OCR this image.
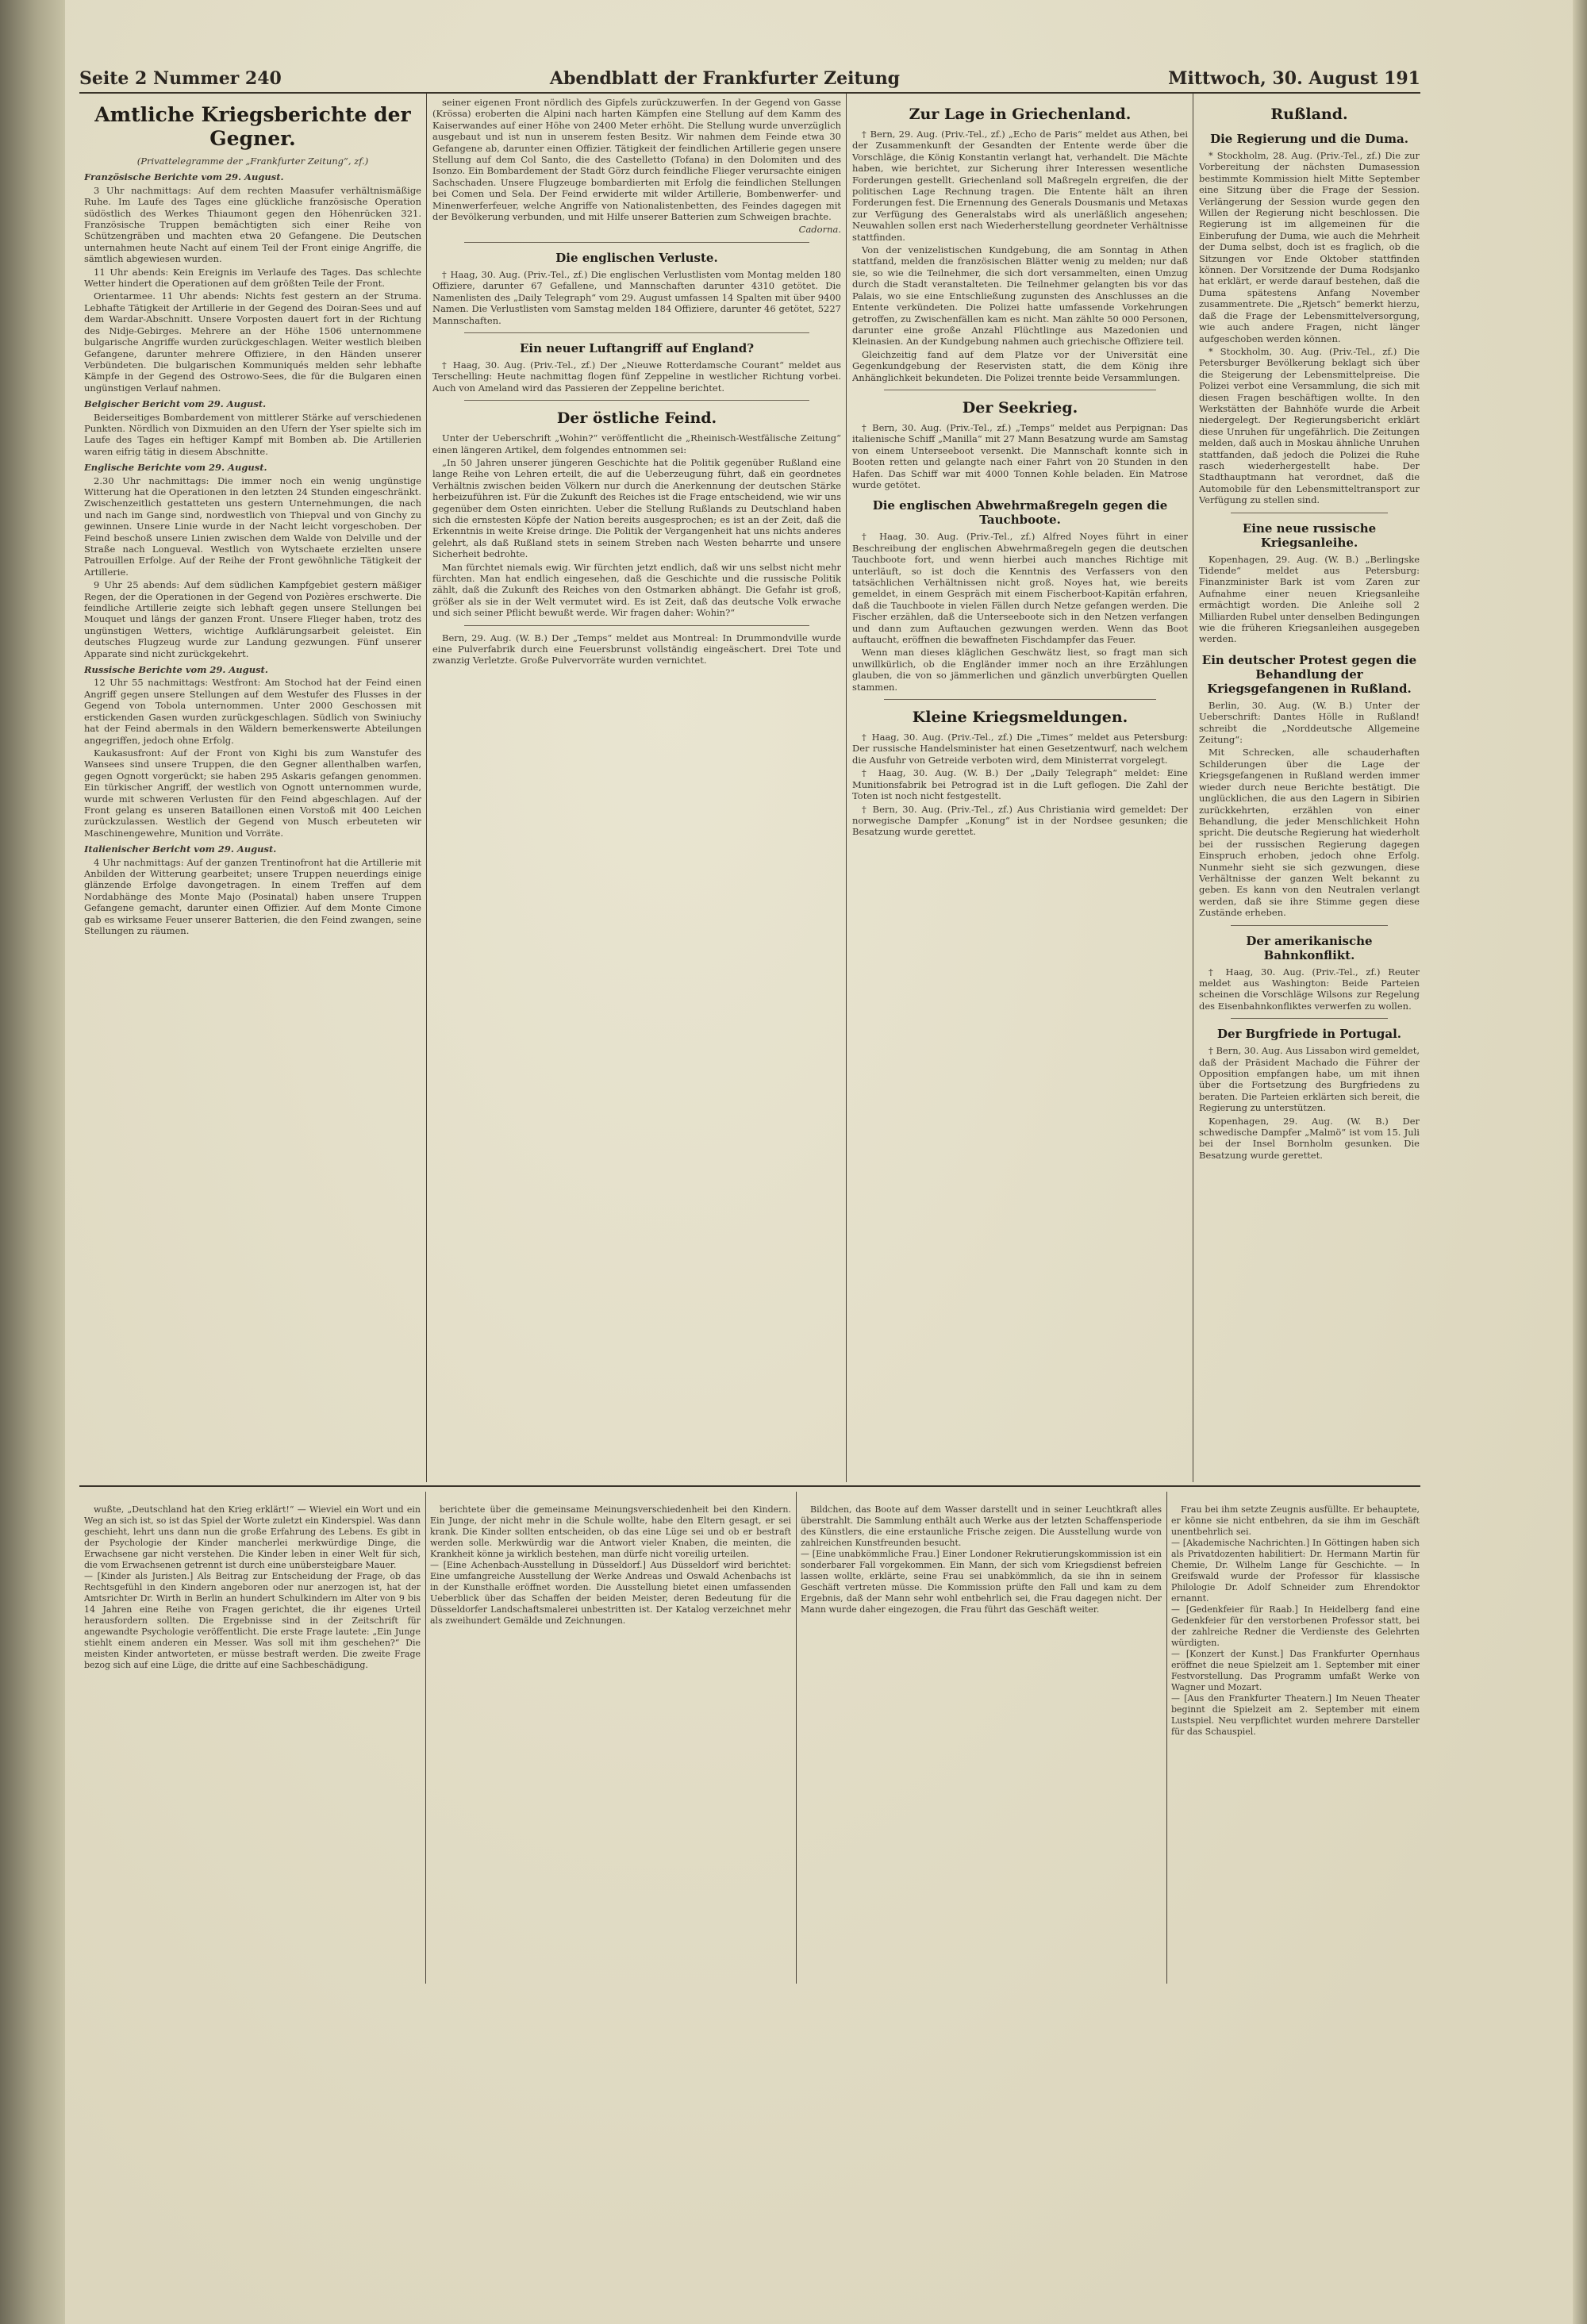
Seite 2 Nummer 240	Abendblatt der Frankfurter Zeitung	Mittwoch, 30. August 191
Amtliche Kriegsberichte der Gegner.

(Privattelegramme der „Frankfurter Zeitung“, zf.)

Französische Berichte vom 29. August.

3 Uhr nachmittags: Auf dem rechten Maasufer verhältnismäßige Ruhe. Im Laufe des Tages eine glückliche französische Operation südöstlich des Werkes Thiaumont gegen den Höhenrücken 321. Französische Truppen bemächtigten sich einer Reihe von Schützengräben und machten etwa 20 Gefangene. Die Deutschen unternahmen heute Nacht auf einem Teil der Front einige Angriffe, die sämtlich abgewiesen wurden.

11 Uhr abends: Kein Ereignis im Verlaufe des Tages. Das schlechte Wetter hindert die Operationen auf dem größten Teile der Front.

Orientarmee. 11 Uhr abends: Nichts fest gestern an der Struma. Lebhafte Tätigkeit der Artillerie in der Gegend des Doiran-Sees und auf dem Wardar-Abschnitt. Unsere Vorposten dauert fort in der Richtung des Nidje-Gebirges. Mehrere an der Höhe 1506 unternommene bulgarische Angriffe wurden zurückgeschlagen. Weiter westlich bleiben Gefangene, darunter mehrere Offiziere, in den Händen unserer Verbündeten. Die bulgarischen Kommuniqués melden sehr lebhafte Kämpfe in der Gegend des Ostrowo-Sees, die für die Bulgaren einen ungünstigen Verlauf nahmen.

Belgischer Bericht vom 29. August.

Beiderseitiges Bombardement von mittlerer Stärke auf verschiedenen Punkten. Nördlich von Dixmuiden an den Ufern der Yser spielte sich im Laufe des Tages ein heftiger Kampf mit Bomben ab. Die Artillerien waren eifrig tätig in diesem Abschnitte.

Englische Berichte vom 29. August.

2.30 Uhr nachmittags: Die immer noch ein wenig ungünstige Witterung hat die Operationen in den letzten 24 Stunden eingeschränkt. Zwischenzeitlich gestatteten uns gestern Unternehmungen, die nach und nach im Gange sind, nordwestlich von Thiepval und von Ginchy zu gewinnen. Unsere Linie wurde in der Nacht leicht vorgeschoben. Der Feind beschoß unsere Linien zwischen dem Walde von Delville und der Straße nach Longueval. Westlich von Wytschaete erzielten unsere Patrouillen Erfolge. Auf der Reihe der Front gewöhnliche Tätigkeit der Artillerie.

9 Uhr 25 abends: Auf dem südlichen Kampfgebiet gestern mäßiger Regen, der die Operationen in der Gegend von Pozières erschwerte. Die feindliche Artillerie zeigte sich lebhaft gegen unsere Stellungen bei Mouquet und längs der ganzen Front. Unsere Flieger haben, trotz des ungünstigen Wetters, wichtige Aufklärungsarbeit geleistet. Ein deutsches Flugzeug wurde zur Landung gezwungen. Fünf unserer Apparate sind nicht zurückgekehrt.

Russische Berichte vom 29. August.

12 Uhr 55 nachmittags: Westfront: Am Stochod hat der Feind einen Angriff gegen unsere Stellungen auf dem Westufer des Flusses in der Gegend von Tobola unternommen. Unter 2000 Geschossen mit erstickenden Gasen wurden zurückgeschlagen. Südlich von Swiniuchy hat der Feind abermals in den Wäldern bemerkenswerte Abteilungen angegriffen, jedoch ohne Erfolg.

Kaukasusfront: Auf der Front von Kighi bis zum Wanstufer des Wansees sind unsere Truppen, die den Gegner allenthalben warfen, gegen Ognott vorgerückt; sie haben 295 Askaris gefangen genommen. Ein türkischer Angriff, der westlich von Ognott unternommen wurde, wurde mit schweren Verlusten für den Feind abgeschlagen. Auf der Front gelang es unseren Bataillonen einen Vorstoß mit 400 Leichen zurückzulassen. Westlich der Gegend von Musch erbeuteten wir Maschinengewehre, Munition und Vorräte.

Italienischer Bericht vom 29. August.

4 Uhr nachmittags: Auf der ganzen Trentinofront hat die Artillerie mit Anbilden der Witterung gearbeitet; unsere Truppen neuerdings einige glänzende Erfolge davongetragen. In einem Treffen auf dem Nordabhänge des Monte Majo (Posinatal) haben unsere Truppen Gefangene gemacht, darunter einen Offizier. Auf dem Monte Cimone gab es wirksame Feuer unserer Batterien, die den Feind zwangen, seine Stellungen zu räumen.

seiner eigenen Front nördlich des Gipfels zurückzuwerfen. In der Gegend von Gasse (Krössa) eroberten die Alpini nach harten Kämpfen eine Stellung auf dem Kamm des Kaiserwandes auf einer Höhe von 2400 Meter erhöht. Die Stellung wurde unverzüglich ausgebaut und ist nun in unserem festen Besitz. Wir nahmen dem Feinde etwa 30 Gefangene ab, darunter einen Offizier. Tätigkeit der feindlichen Artillerie gegen unsere Stellung auf dem Col Santo, die des Castelletto (Tofana) in den Dolomiten und des Isonzo. Ein Bombardement der Stadt Görz durch feindliche Flieger verursachte einigen Sachschaden. Unsere Flugzeuge bombardierten mit Erfolg die feindlichen Stellungen bei Comen und Sela. Der Feind erwiderte mit wilder Artillerie, Bombenwerfer- und Minenwerferfeuer, welche Angriffe von Nationalistenbetten, des Feindes dagegen mit der Bevölkerung verbunden, und mit Hilfe unserer Batterien zum Schweigen brachte.

Cadorna.

Die englischen Verluste.

† Haag, 30. Aug. (Priv.-Tel., zf.) Die englischen Verlustlisten vom Montag melden 180 Offiziere, darunter 67 Gefallene, und Mannschaften darunter 4310 getötet. Die Namenlisten des „Daily Telegraph“ vom 29. August umfassen 14 Spalten mit über 9400 Namen. Die Verlustlisten vom Samstag melden 184 Offiziere, darunter 46 getötet, 5227 Mannschaften.

Ein neuer Luftangriff auf England?

† Haag, 30. Aug. (Priv.-Tel., zf.) Der „Nieuwe Rotterdamsche Courant“ meldet aus Terschelling: Heute nachmittag flogen fünf Zeppeline in westlicher Richtung vorbei. Auch von Ameland wird das Passieren der Zeppeline berichtet.

Der östliche Feind.

Unter der Ueberschrift „Wohin?“ veröffentlicht die „Rheinisch-Westfälische Zeitung“ einen längeren Artikel, dem folgendes entnommen sei:

„In 50 Jahren unserer jüngeren Geschichte hat die Politik gegenüber Rußland eine lange Reihe von Lehren erteilt, die auf die Ueberzeugung führt, daß ein geordnetes Verhältnis zwischen beiden Völkern nur durch die Anerkennung der deutschen Stärke herbeizuführen ist. Für die Zukunft des Reiches ist die Frage entscheidend, wie wir uns gegenüber dem Osten einrichten. Ueber die Stellung Rußlands zu Deutschland haben sich die ernstesten Köpfe der Nation bereits ausgesprochen; es ist an der Zeit, daß die Erkenntnis in weite Kreise dringe. Die Politik der Vergangenheit hat uns nichts anderes gelehrt, als daß Rußland stets in seinem Streben nach Westen beharrte und unsere Sicherheit bedrohte.

Man fürchtet niemals ewig. Wir fürchten jetzt endlich, daß wir uns selbst nicht mehr fürchten. Man hat endlich eingesehen, daß die Geschichte und die russische Politik zählt, daß die Zukunft des Reiches von den Ostmarken abhängt. Die Gefahr ist groß, größer als sie in der Welt vermutet wird. Es ist Zeit, daß das deutsche Volk erwache und sich seiner Pflicht bewußt werde. Wir fragen daher: Wohin?“

Bern, 29. Aug. (W. B.) Der „Temps“ meldet aus Montreal: In Drummondville wurde eine Pulverfabrik durch eine Feuersbrunst vollständig eingeäschert. Drei Tote und zwanzig Verletzte. Große Pulvervorräte wurden vernichtet.

Zur Lage in Griechenland.

† Bern, 29. Aug. (Priv.-Tel., zf.) „Echo de Paris“ meldet aus Athen, bei der Zusammenkunft der Gesandten der Entente werde über die Vorschläge, die König Konstantin verlangt hat, verhandelt. Die Mächte haben, wie berichtet, zur Sicherung ihrer Interessen wesentliche Forderungen gestellt. Griechenland soll Maßregeln ergreifen, die der politischen Lage Rechnung tragen. Die Entente hält an ihren Forderungen fest. Die Ernennung des Generals Dousmanis und Metaxas zur Verfügung des Generalstabs wird als unerläßlich angesehen; Neuwahlen sollen erst nach Wiederherstellung geordneter Verhältnisse stattfinden.

Von der venizelistischen Kundgebung, die am Sonntag in Athen stattfand, melden die französischen Blätter wenig zu melden; nur daß sie, so wie die Teilnehmer, die sich dort versammelten, einen Umzug durch die Stadt veranstalteten. Die Teilnehmer gelangten bis vor das Palais, wo sie eine Entschließung zugunsten des Anschlusses an die Entente verkündeten. Die Polizei hatte umfassende Vorkehrungen getroffen, zu Zwischenfällen kam es nicht. Man zählte 50 000 Personen, darunter eine große Anzahl Flüchtlinge aus Mazedonien und Kleinasien. An der Kundgebung nahmen auch griechische Offiziere teil.

Gleichzeitig fand auf dem Platze vor der Universität eine Gegenkundgebung der Reservisten statt, die dem König ihre Anhänglichkeit bekundeten. Die Polizei trennte beide Versammlungen.

Der Seekrieg.

† Bern, 30. Aug. (Priv.-Tel., zf.) „Temps“ meldet aus Perpignan: Das italienische Schiff „Manilla“ mit 27 Mann Besatzung wurde am Samstag von einem Unterseeboot versenkt. Die Mannschaft konnte sich in Booten retten und gelangte nach einer Fahrt von 20 Stunden in den Hafen. Das Schiff war mit 4000 Tonnen Kohle beladen. Ein Matrose wurde getötet.

Die englischen Abwehrmaßregeln gegen die Tauchboote.

† Haag, 30. Aug. (Priv.-Tel., zf.) Alfred Noyes führt in einer Beschreibung der englischen Abwehrmaßregeln gegen die deutschen Tauchboote fort, und wenn hierbei auch manches Richtige mit unterläuft, so ist doch die Kenntnis des Verfassers von den tatsächlichen Verhältnissen nicht groß. Noyes hat, wie bereits gemeldet, in einem Gespräch mit einem Fischerboot-Kapitän erfahren, daß die Tauchboote in vielen Fällen durch Netze gefangen werden. Die Fischer erzählen, daß die Unterseeboote sich in den Netzen verfangen und dann zum Auftauchen gezwungen werden. Wenn das Boot auftaucht, eröffnen die bewaffneten Fischdampfer das Feuer.

Wenn man dieses kläglichen Geschwätz liest, so fragt man sich unwillkürlich, ob die Engländer immer noch an ihre Erzählungen glauben, die von so jämmerlichen und gänzlich unverbürgten Quellen stammen.

Kleine Kriegsmeldungen.

† Haag, 30. Aug. (Priv.-Tel., zf.) Die „Times“ meldet aus Petersburg: Der russische Handelsminister hat einen Gesetzentwurf, nach welchem die Ausfuhr von Getreide verboten wird, dem Ministerrat vorgelegt.

† Haag, 30. Aug. (W. B.) Der „Daily Telegraph“ meldet: Eine Munitionsfabrik bei Petrograd ist in die Luft geflogen. Die Zahl der Toten ist noch nicht festgestellt.

† Bern, 30. Aug. (Priv.-Tel., zf.) Aus Christiania wird gemeldet: Der norwegische Dampfer „Konung“ ist in der Nordsee gesunken; die Besatzung wurde gerettet.

Rußland.
Die Regierung und die Duma.

* Stockholm, 28. Aug. (Priv.-Tel., zf.) Die zur Vorbereitung der nächsten Dumasession bestimmte Kommission hielt Mitte September eine Sitzung über die Frage der Session. Verlängerung der Session wurde gegen den Willen der Regierung nicht beschlossen. Die Regierung ist im allgemeinen für die Einberufung der Duma, wie auch die Mehrheit der Duma selbst, doch ist es fraglich, ob die Sitzungen vor Ende Oktober stattfinden können. Der Vorsitzende der Duma Rodsjanko hat erklärt, er werde darauf bestehen, daß die Duma spätestens Anfang November zusammentrete. Die „Rjetsch“ bemerkt hierzu, daß die Frage der Lebensmittelversorgung, wie auch andere Fragen, nicht länger aufgeschoben werden können.

* Stockholm, 30. Aug. (Priv.-Tel., zf.) Die Petersburger Bevölkerung beklagt sich über die Steigerung der Lebensmittelpreise. Die Polizei verbot eine Versammlung, die sich mit diesen Fragen beschäftigen wollte. In den Werkstätten der Bahnhöfe wurde die Arbeit niedergelegt. Der Regierungsbericht erklärt diese Unruhen für ungefährlich. Die Zeitungen melden, daß auch in Moskau ähnliche Unruhen stattfanden, daß jedoch die Polizei die Ruhe rasch wiederhergestellt habe. Der Stadthauptmann hat verordnet, daß die Automobile für den Lebensmitteltransport zur Verfügung zu stellen sind.

Eine neue russische Kriegsanleihe.

Kopenhagen, 29. Aug. (W. B.) „Berlingske Tidende“ meldet aus Petersburg: Finanzminister Bark ist vom Zaren zur Aufnahme einer neuen Kriegsanleihe ermächtigt worden. Die Anleihe soll 2 Milliarden Rubel unter denselben Bedingungen wie die früheren Kriegsanleihen ausgegeben werden.

Ein deutscher Protest gegen die Behandlung der Kriegsgefangenen in Rußland.

Berlin, 30. Aug. (W. B.) Unter der Ueberschrift: Dantes Hölle in Rußland! schreibt die „Norddeutsche Allgemeine Zeitung“:

Mit Schrecken, alle schauderhaften Schilderungen über die Lage der Kriegsgefangenen in Rußland werden immer wieder durch neue Berichte bestätigt. Die unglücklichen, die aus den Lagern in Sibirien zurückkehrten, erzählen von einer Behandlung, die jeder Menschlichkeit Hohn spricht. Die deutsche Regierung hat wiederholt bei der russischen Regierung dagegen Einspruch erhoben, jedoch ohne Erfolg. Nunmehr sieht sie sich gezwungen, diese Verhältnisse der ganzen Welt bekannt zu geben. Es kann von den Neutralen verlangt werden, daß sie ihre Stimme gegen diese Zustände erheben.

Der amerikanische Bahnkonflikt.

† Haag, 30. Aug. (Priv.-Tel., zf.) Reuter meldet aus Washington: Beide Parteien scheinen die Vorschläge Wilsons zur Regelung des Eisenbahnkonfliktes verwerfen zu wollen.

Der Burgfriede in Portugal.

† Bern, 30. Aug. Aus Lissabon wird gemeldet, daß der Präsident Machado die Führer der Opposition empfangen habe, um mit ihnen über die Fortsetzung des Burgfriedens zu beraten. Die Parteien erklärten sich bereit, die Regierung zu unterstützen.

Kopenhagen, 29. Aug. (W. B.) Der schwedische Dampfer „Malmö“ ist vom 15. Juli bei der Insel Bornholm gesunken. Die Besatzung wurde gerettet.

wußte, „Deutschland hat den Krieg erklärt!“ — Wieviel ein Wort und ein Weg an sich ist, so ist das Spiel der Worte zuletzt ein Kinderspiel. Was dann geschieht, lehrt uns dann nun die große Erfahrung des Lebens. Es gibt in der Psychologie der Kinder mancherlei merkwürdige Dinge, die Erwachsene gar nicht verstehen. Die Kinder leben in einer Welt für sich, die vom Erwachsenen getrennt ist durch eine unübersteigbare Mauer.
— [Kinder als Juristen.] Als Beitrag zur Entscheidung der Frage, ob das Rechtsgefühl in den Kindern angeboren oder nur anerzogen ist, hat der Amtsrichter Dr. Wirth in Berlin an hundert Schulkindern im Alter von 9 bis 14 Jahren eine Reihe von Fragen gerichtet, die ihr eigenes Urteil herausfordern sollten. Die Ergebnisse sind in der Zeitschrift für angewandte Psychologie veröffentlicht. Die erste Frage lautete: „Ein Junge stiehlt einem anderen ein Messer. Was soll mit ihm geschehen?“ Die meisten Kinder antworteten, er müsse bestraft werden. Die zweite Frage bezog sich auf eine Lüge, die dritte auf eine Sachbeschädigung.

berichtete über die gemeinsame Meinungsverschiedenheit bei den Kindern. Ein Junge, der nicht mehr in die Schule wollte, habe den Eltern gesagt, er sei krank. Die Kinder sollten entscheiden, ob das eine Lüge sei und ob er bestraft werden solle. Merkwürdig war die Antwort vieler Knaben, die meinten, die Krankheit könne ja wirklich bestehen, man dürfe nicht voreilig urteilen.
— [Eine Achenbach-Ausstellung in Düsseldorf.] Aus Düsseldorf wird berichtet: Eine umfangreiche Ausstellung der Werke Andreas und Oswald Achenbachs ist in der Kunsthalle eröffnet worden. Die Ausstellung bietet einen umfassenden Ueberblick über das Schaffen der beiden Meister, deren Bedeutung für die Düsseldorfer Landschaftsmalerei unbestritten ist. Der Katalog verzeichnet mehr als zweihundert Gemälde und Zeichnungen.

Bildchen, das Boote auf dem Wasser darstellt und in seiner Leuchtkraft alles überstrahlt. Die Sammlung enthält auch Werke aus der letzten Schaffensperiode des Künstlers, die eine erstaunliche Frische zeigen. Die Ausstellung wurde von zahlreichen Kunstfreunden besucht.
— [Eine unabkömmliche Frau.] Einer Londoner Rekrutierungskommission ist ein sonderbarer Fall vorgekommen. Ein Mann, der sich vom Kriegsdienst befreien lassen wollte, erklärte, seine Frau sei unabkömmlich, da sie ihn in seinem Geschäft vertreten müsse. Die Kommission prüfte den Fall und kam zu dem Ergebnis, daß der Mann sehr wohl entbehrlich sei, die Frau dagegen nicht. Der Mann wurde daher eingezogen, die Frau führt das Geschäft weiter.

Frau bei ihm setzte Zeugnis ausfüllte. Er behauptete, er könne sie nicht entbehren, da sie ihm im Geschäft unentbehrlich sei.
— [Akademische Nachrichten.] In Göttingen haben sich als Privatdozenten habilitiert: Dr. Hermann Martin für Chemie, Dr. Wilhelm Lange für Geschichte. — In Greifswald wurde der Professor für klassische Philologie Dr. Adolf Schneider zum Ehrendoktor ernannt.
— [Gedenkfeier für Raab.] In Heidelberg fand eine Gedenkfeier für den verstorbenen Professor statt, bei der zahlreiche Redner die Verdienste des Gelehrten würdigten.
— [Konzert der Kunst.] Das Frankfurter Opernhaus eröffnet die neue Spielzeit am 1. September mit einer Festvorstellung. Das Programm umfaßt Werke von Wagner und Mozart.
— [Aus den Frankfurter Theatern.] Im Neuen Theater beginnt die Spielzeit am 2. September mit einem Lustspiel. Neu verpflichtet wurden mehrere Darsteller für das Schauspiel.
